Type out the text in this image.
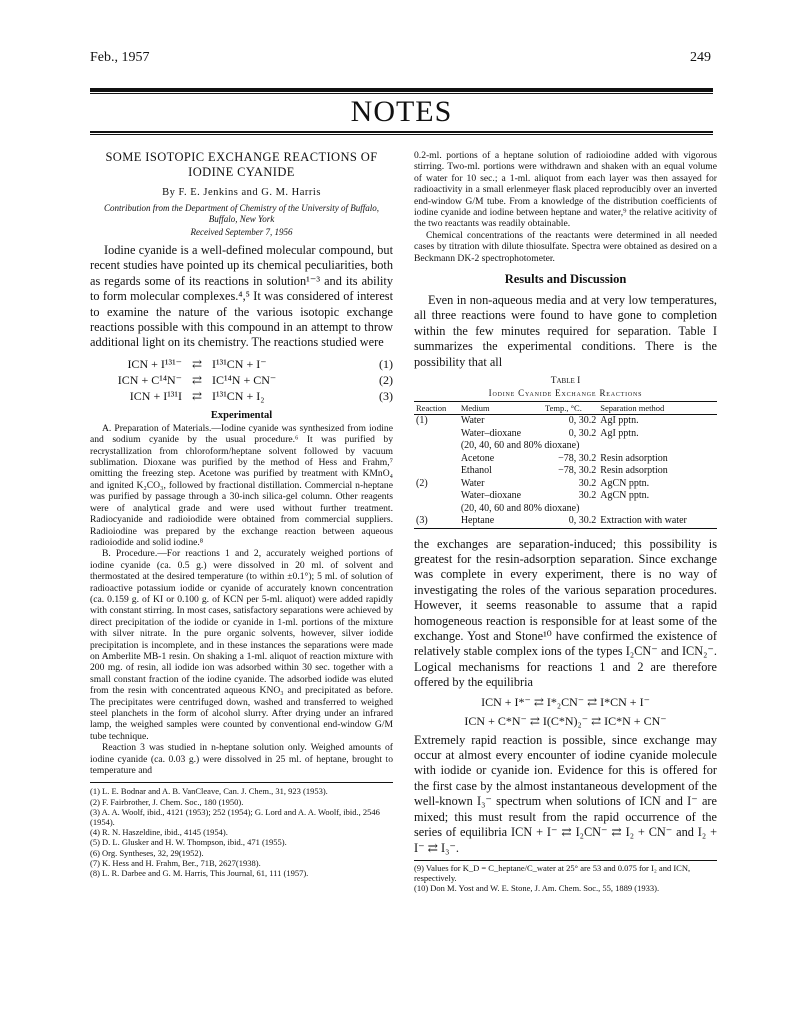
Feb., 1957	249
NOTES

SOME ISOTOPIC EXCHANGE REACTIONS OF IODINE CYANIDE

By F. E. Jenkins and G. M. Harris

Contribution from the Department of Chemistry of the University of Buffalo, Buffalo, New York

Received September 7, 1956

Iodine cyanide is a well-defined molecular compound, but recent studies have pointed up its chemical peculiarities, both as regards some of its reactions in solution¹⁻³ and its ability to form molecular complexes.⁴,⁵ It was considered of interest to examine the nature of the various isotopic exchange reactions possible with this compound in an attempt to throw additional light on its chemistry. The reactions studied were

ICN + I¹³¹⁻ ⇄ I¹³¹CN + I⁻	(1)
ICN + C¹⁴N⁻ ⇄ IC¹⁴N + CN⁻	(2)
ICN + I¹³¹I ⇄ I¹³¹CN + I₂	(3)

Experimental

A. Preparation of Materials.—Iodine cyanide was synthesized from iodine and sodium cyanide by the usual procedure.⁶ It was purified by recrystallization from chloroform/heptane solvent followed by vacuum sublimation. Dioxane was purified by the method of Hess and Frahm,⁷ omitting the freezing step. Acetone was purified by treatment with KMnO₄ and ignited K₂CO₃, followed by fractional distillation. Commercial n-heptane was purified by passage through a 30-inch silica-gel column. Other reagents were of analytical grade and were used without further treatment. Radiocyanide and radioiodide were obtained from commercial suppliers. Radioiodine was prepared by the exchange reaction between aqueous radioiodide and solid iodine.⁸

B. Procedure.—For reactions 1 and 2, accurately weighed portions of iodine cyanide (ca. 0.5 g.) were dissolved in 20 ml. of solvent and thermostated at the desired temperature (to within ±0.1°); 5 ml. of solution of radioactive potassium iodide or cyanide of accurately known concentration (ca. 0.159 g. of KI or 0.100 g. of KCN per 5-ml. aliquot) were added rapidly with constant stirring. In most cases, satisfactory separations were achieved by direct precipitation of the iodide or cyanide in 1-ml. portions of the mixture with silver nitrate. In the pure organic solvents, however, silver iodide precipitation is incomplete, and in these instances the separations were made on Amberlite MB-1 resin. On shaking a 1-ml. aliquot of reaction mixture with 200 mg. of resin, all iodide ion was adsorbed within 30 sec. together with a small constant fraction of the iodine cyanide. The adsorbed iodide was eluted from the resin with concentrated aqueous KNO₃ and precipitated as before. The precipitates were centrifuged down, washed and transferred to weighed steel planchets in the form of alcohol slurry. After drying under an infrared lamp, the weighed samples were counted by conventional end-window G/M tube technique.

Reaction 3 was studied in n-heptane solution only. Weighed amounts of iodine cyanide (ca. 0.03 g.) were dissolved in 25 ml. of heptane, brought to temperature and

(1) L. E. Bodnar and A. B. VanCleave, Can. J. Chem., 31, 923 (1953).

(2) F. Fairbrother, J. Chem. Soc., 180 (1950).

(3) A. A. Woolf, ibid., 4121 (1953); 252 (1954); G. Lord and A. A. Woolf, ibid., 2546 (1954).

(4) R. N. Haszeldine, ibid., 4145 (1954).

(5) D. L. Glusker and H. W. Thompson, ibid., 471 (1955).

(6) Org. Syntheses, 32, 29(1952).

(7) K. Hess and H. Frahm, Ber., 71B, 2627(1938).

(8) L. R. Darbee and G. M. Harris, This Journal, 61, 111 (1957).

0.2-ml. portions of a heptane solution of radioiodine added with vigorous stirring. Two-ml. portions were withdrawn and shaken with an equal volume of water for 10 sec.; a 1-ml. aliquot from each layer was then assayed for radioactivity in a small erlenmeyer flask placed reproducibly over an inverted end-window G/M tube. From a knowledge of the distribution coefficients of iodine cyanide and iodine between heptane and water,⁹ the relative acitivity of the two reactants was readily obtainable.

Chemical concentrations of the reactants were determined in all needed cases by titration with dilute thiosulfate. Spectra were obtained as desired on a Beckmann DK-2 spectrophotometer.

Results and Discussion

Even in non-aqueous media and at very low temperatures, all three reactions were found to have gone to completion within the few minutes required for separation. Table I summarizes the experimental conditions. There is the possibility that all

Table I

Iodine Cyanide Exchange Reactions

Reaction	Medium	Temp., °C.	Separation method
(1)	Water	0, 30.2	AgI pptn.
	Water–dioxane	0, 30.2	AgI pptn.
	(20, 40, 60 and 80% dioxane)		
	Acetone	−78, 30.2	Resin adsorption
	Ethanol	−78, 30.2	Resin adsorption
(2)	Water	30.2	AgCN pptn.
	Water–dioxane	30.2	AgCN pptn.
	(20, 40, 60 and 80% dioxane)		
(3)	Heptane	0, 30.2	Extraction with water

the exchanges are separation-induced; this possibility is greatest for the resin-adsorption separation. Since exchange was complete in every experiment, there is no way of investigating the roles of the various separation procedures. However, it seems reasonable to assume that a rapid homogeneous reaction is responsible for at least some of the exchange. Yost and Stone¹⁰ have confirmed the existence of relatively stable complex ions of the types I₂CN⁻ and ICN₂⁻. Logical mechanisms for reactions 1 and 2 are therefore offered by the equilibria

ICN + I*⁻ ⇄ I*₂CN⁻ ⇄ I*CN + I⁻
ICN + C*N⁻ ⇄ I(C*N)₂⁻ ⇄ IC*N + CN⁻

Extremely rapid reaction is possible, since exchange may occur at almost every encounter of iodine cyanide molecule with iodide or cyanide ion. Evidence for this is offered for the first case by the almost instantaneous development of the well-known I₃⁻ spectrum when solutions of ICN and I⁻ are mixed; this must result from the rapid occurrence of the series of equilibria ICN + I⁻ ⇄ I₂CN⁻ ⇄ I₂ + CN⁻ and I₂ + I⁻ ⇄ I₃⁻.

(9) Values for K_D = C_heptane/C_water at 25° are 53 and 0.075 for I₂ and ICN, respectively.

(10) Don M. Yost and W. E. Stone, J. Am. Chem. Soc., 55, 1889 (1933).
